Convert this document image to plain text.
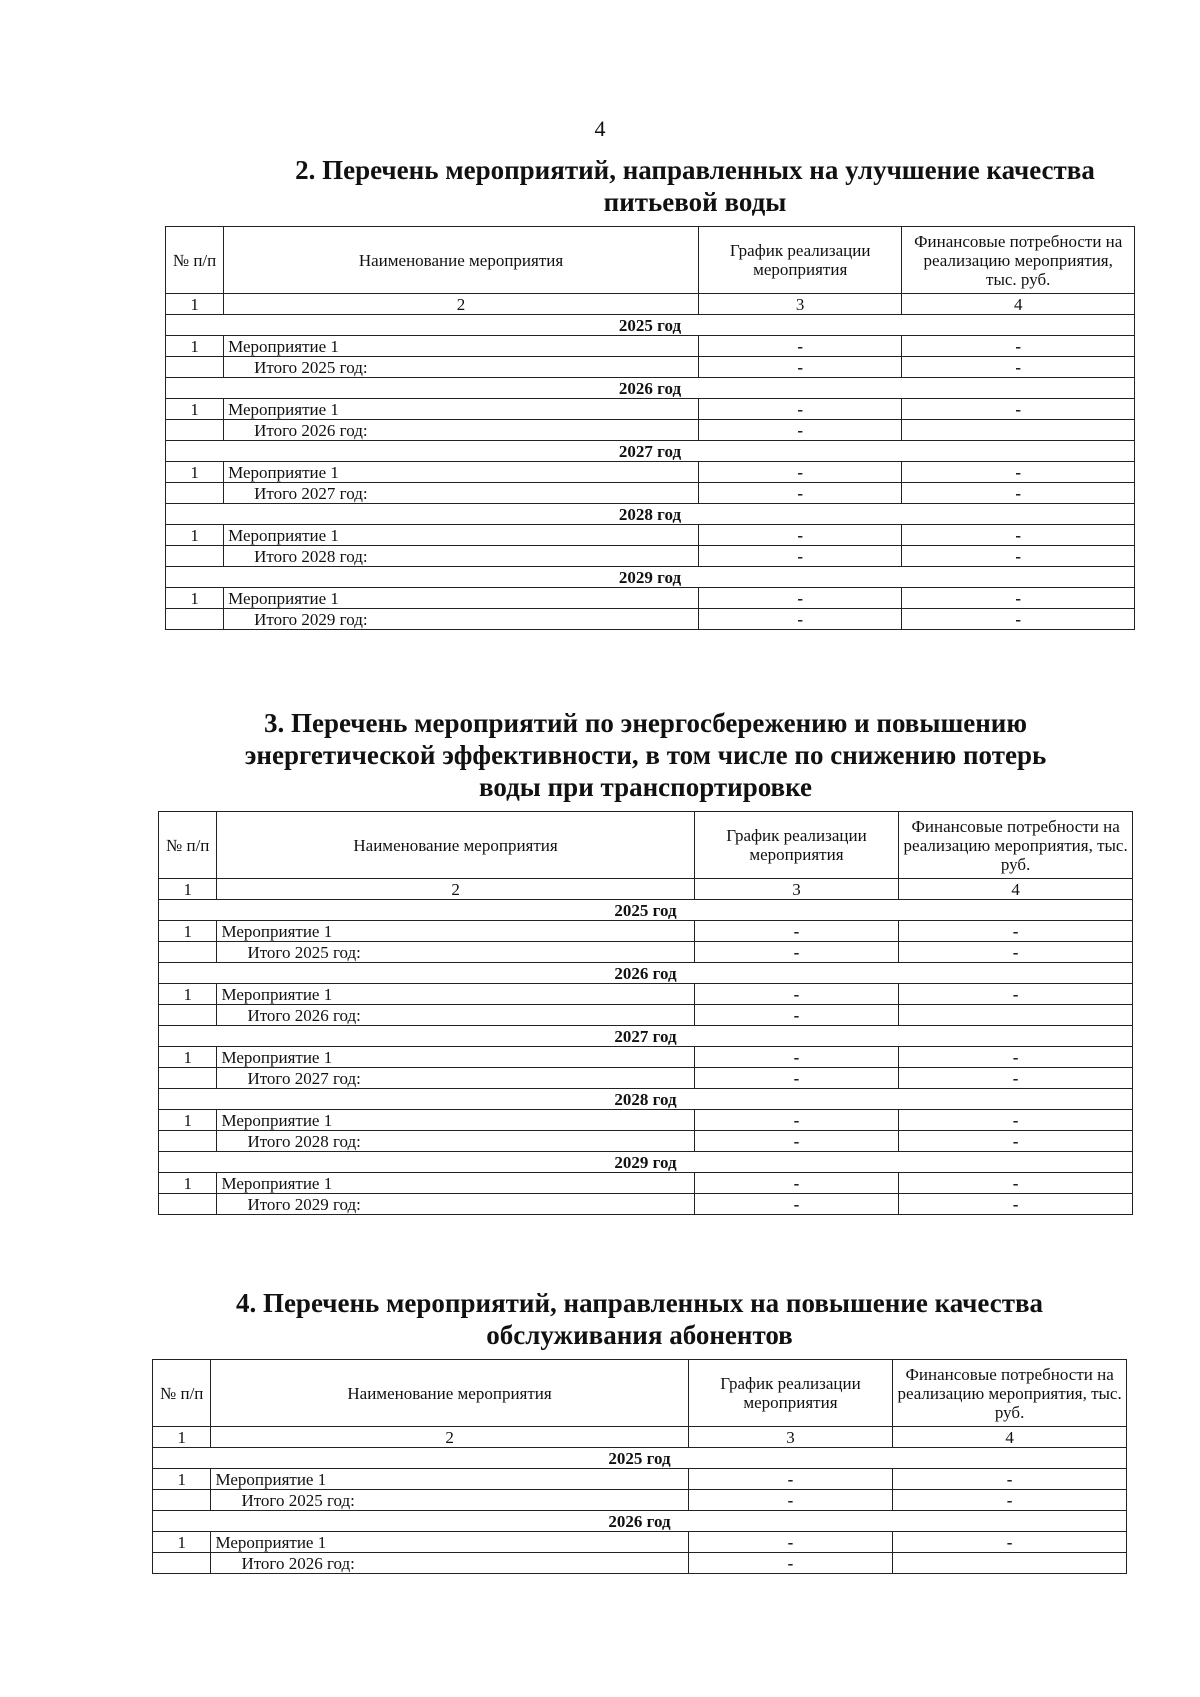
4
2. Перечень мероприятий, направленных на улучшение качества
питьевой воды
№ п/п	Наименование мероприятия	График реализации мероприятия	Финансовые потребности на реализацию мероприятия, тыс. руб.
1	2	3	4
2025 год			
1	Мероприятие 1	-	-
	Итого 2025 год:	-	-
2026 год			
1	Мероприятие 1	-	-
	Итого 2026 год:	-	
2027 год			
1	Мероприятие 1	-	-
	Итого 2027 год:	-	-
2028 год			
1	Мероприятие 1	-	-
	Итого 2028 год:	-	-
2029 год			
1	Мероприятие 1	-	-
	Итого 2029 год:	-	-
3. Перечень мероприятий по энергосбережению и повышению
энергетической эффективности, в том числе по снижению потерь
воды при транспортировке
№ п/п	Наименование мероприятия	График реализации мероприятия	Финансовые потребности на реализацию мероприятия, тыс. руб.
1	2	3	4
2025 год			
1	Мероприятие 1	-	-
	Итого 2025 год:	-	-
2026 год			
1	Мероприятие 1	-	-
	Итого 2026 год:	-	
2027 год			
1	Мероприятие 1	-	-
	Итого 2027 год:	-	-
2028 год			
1	Мероприятие 1	-	-
	Итого 2028 год:	-	-
2029 год			
1	Мероприятие 1	-	-
	Итого 2029 год:	-	-
4. Перечень мероприятий, направленных на повышение качества
обслуживания абонентов
№ п/п	Наименование мероприятия	График реализации мероприятия	Финансовые потребности на реализацию мероприятия, тыс. руб.
1	2	3	4
2025 год			
1	Мероприятие 1	-	-
	Итого 2025 год:	-	-
2026 год			
1	Мероприятие 1	-	-
	Итого 2026 год:	-	
